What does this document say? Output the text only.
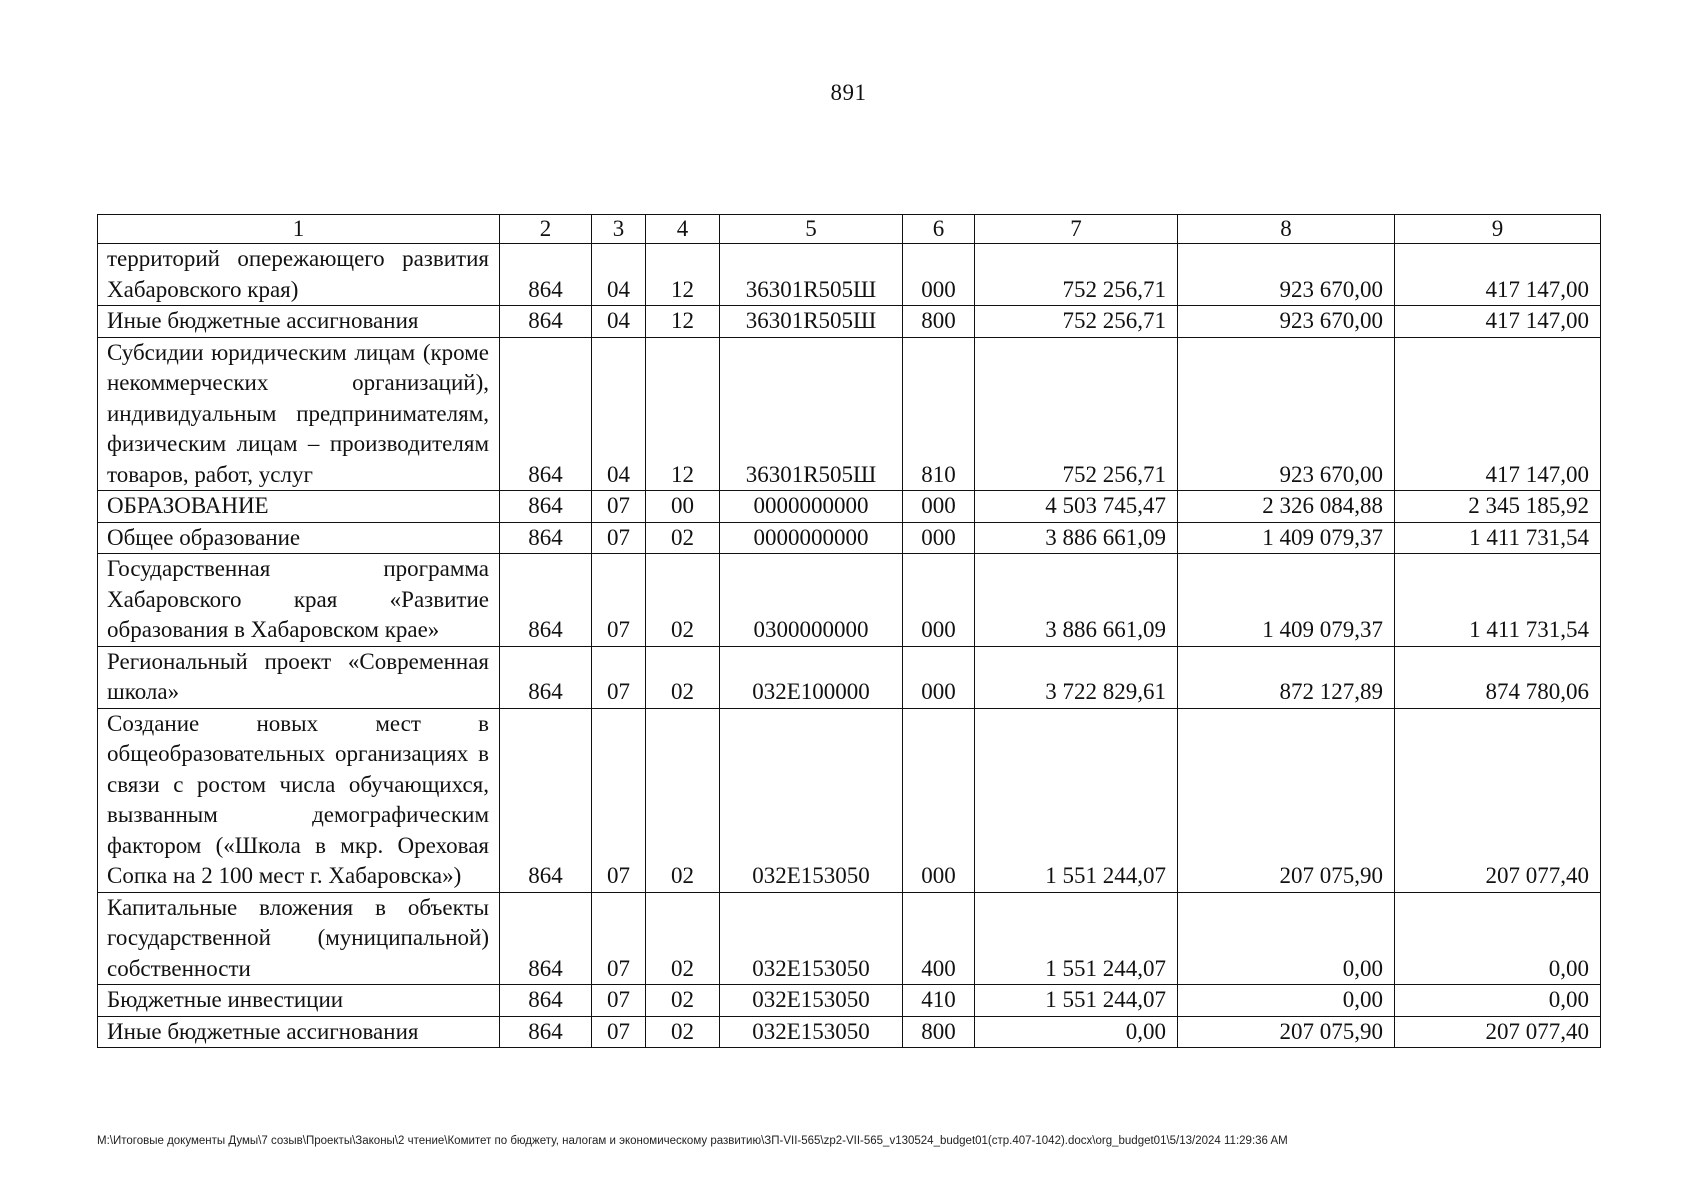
891
1	2	3	4	5	6	7	8	9
территорий опережающего развития Хабаровского края)	864	04	12	36301R505Ш	000	752 256,71	923 670,00	417 147,00
Иные бюджетные ассигнования	864	04	12	36301R505Ш	800	752 256,71	923 670,00	417 147,00
Субсидии юридическим лицам (кроме некоммерческих организаций), индивидуальным предпринимателям, физическим лицам – производителям товаров, работ, услуг	864	04	12	36301R505Ш	810	752 256,71	923 670,00	417 147,00
ОБРАЗОВАНИЕ	864	07	00	0000000000	000	4 503 745,47	2 326 084,88	2 345 185,92
Общее образование	864	07	02	0000000000	000	3 886 661,09	1 409 079,37	1 411 731,54
Государственная программа Хабаровского края «Развитие образования в Хабаровском крае»	864	07	02	0300000000	000	3 886 661,09	1 409 079,37	1 411 731,54
Региональный проект «Современная школа»	864	07	02	032Е100000	000	3 722 829,61	872 127,89	874 780,06
Создание новых мест в общеобразовательных организациях в связи с ростом числа обучающихся, вызванным демографическим фактором («Школа в мкр. Ореховая Сопка на 2 100 мест г. Хабаровска»)	864	07	02	032Е153050	000	1 551 244,07	207 075,90	207 077,40
Капитальные вложения в объекты государственной (муниципальной) собственности	864	07	02	032Е153050	400	1 551 244,07	0,00	0,00
Бюджетные инвестиции	864	07	02	032Е153050	410	1 551 244,07	0,00	0,00
Иные бюджетные ассигнования	864	07	02	032Е153050	800	0,00	207 075,90	207 077,40
М:\Итоговые документы Думы\7 созыв\Проекты\Законы\2 чтение\Комитет по бюджету, налогам и экономическому развитию\ЗП-VII-565\zp2-VII-565_v130524_budget01(стр.407-1042).docx\org_budget01\5/13/2024 11:29:36 AM
